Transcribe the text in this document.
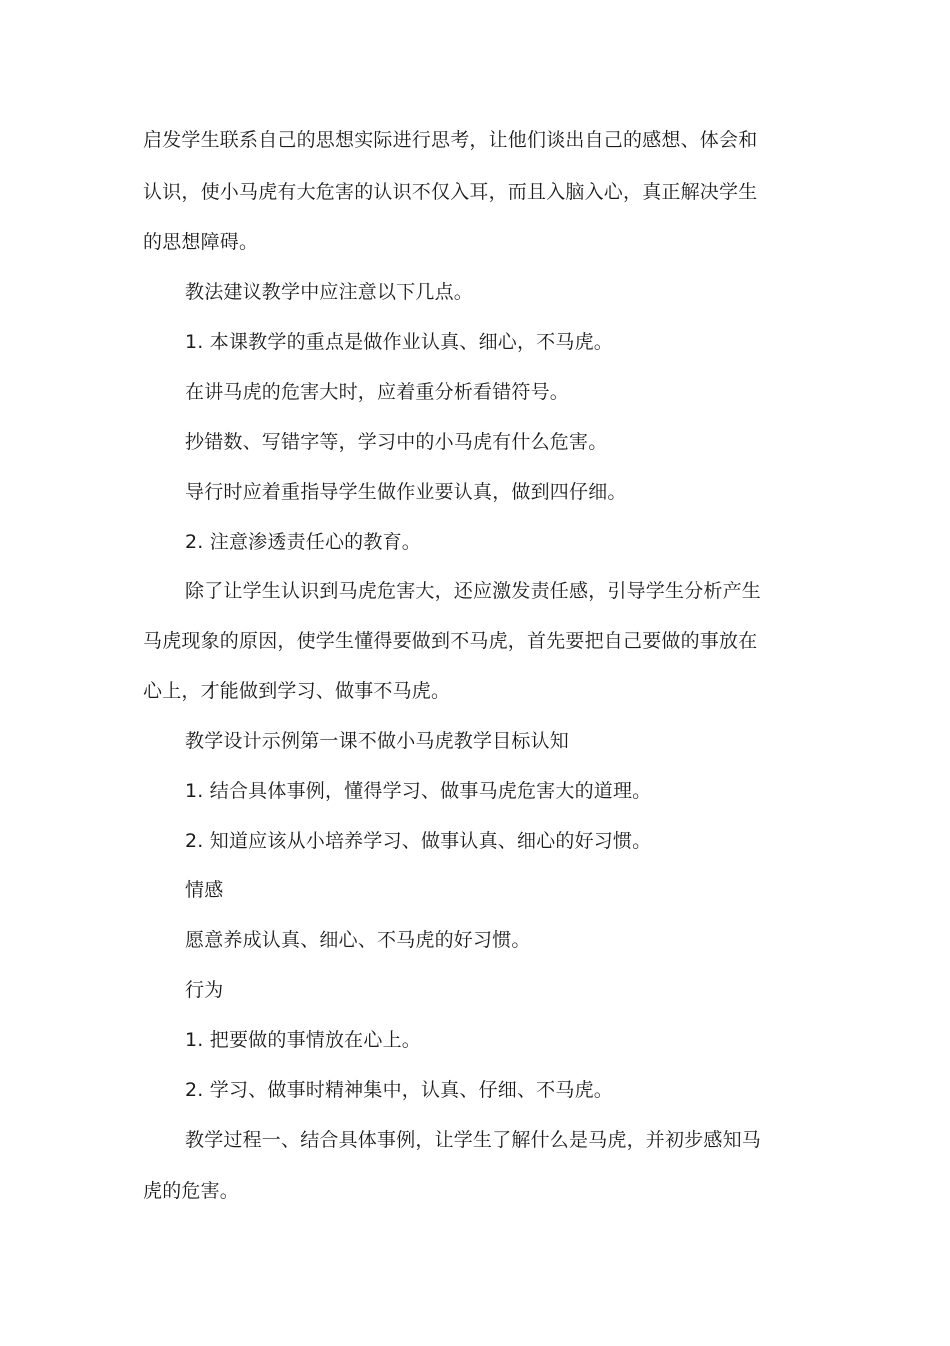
启发学生联系自己的思想实际进行思考，让他们谈出自己的感想、体会和
认识，使小马虎有大危害的认识不仅入耳，而且入脑入心，真正解决学生
的思想障碍。
教法建议教学中应注意以下几点。
1. 本课教学的重点是做作业认真、细心，不马虎。
在讲马虎的危害大时，应着重分析看错符号。
抄错数、写错字等，学习中的小马虎有什么危害。
导行时应着重指导学生做作业要认真，做到四仔细。
2. 注意渗透责任心的教育。
除了让学生认识到马虎危害大，还应激发责任感，引导学生分析产生
马虎现象的原因，使学生懂得要做到不马虎，首先要把自己要做的事放在
心上，才能做到学习、做事不马虎。
教学设计示例第一课不做小马虎教学目标认知
1. 结合具体事例，懂得学习、做事马虎危害大的道理。
2. 知道应该从小培养学习、做事认真、细心的好习惯。
情感
愿意养成认真、细心、不马虎的好习惯。
行为
1. 把要做的事情放在心上。
2. 学习、做事时精神集中，认真、仔细、不马虎。
教学过程一、结合具体事例，让学生了解什么是马虎，并初步感知马
虎的危害。
